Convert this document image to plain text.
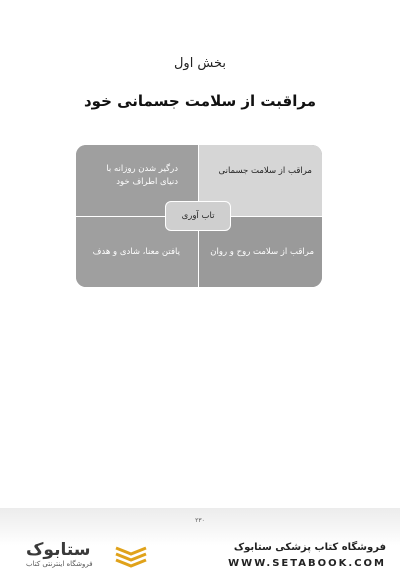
بخش اول
مراقبت از سلامت جسمانی خود
درگیر شدن روزانه با دنیای اطراف خود
مراقب از سلامت جسمانی
یافتن معنا، شادی و هدف	مراقب از سلامت روح و روان
تاب آوری
۲۳۰
ستابوک
فروشگاه اینترنتی کتاب
فروشگاه کتاب پزشکی ستابوک
WWW.SETABOOK.COM
